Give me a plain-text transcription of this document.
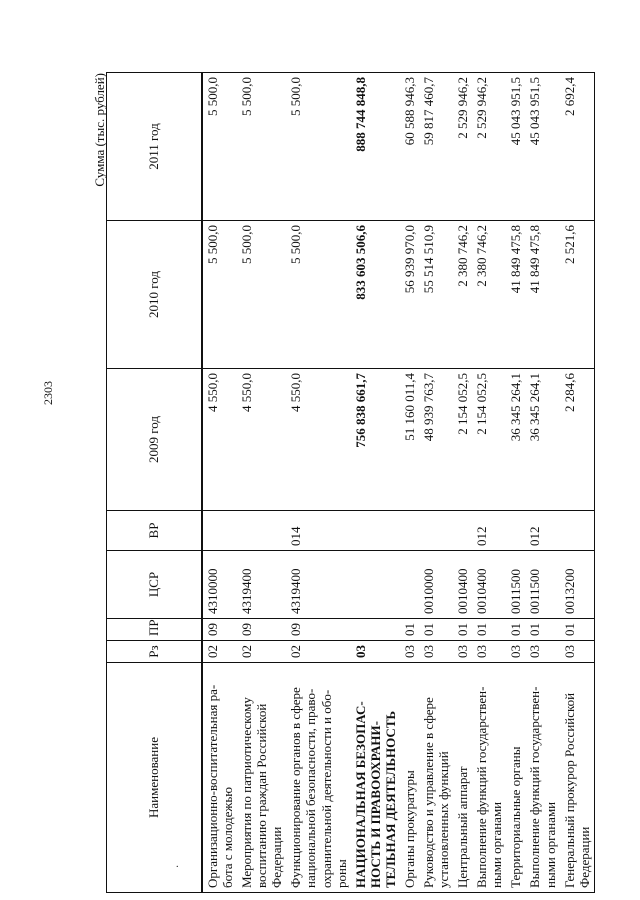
2303
.
Сумма (тыс. рублей)
Наименование	Рз	ПР	ЦСР	ВР	2009 год	2010 год	2011 год
Организационно-воспитательная ра-бота с молодежью	02	09	4310000		4 550,0	5 500,0	5 500,0
Мероприятия по патриотическому воспитанию граждан Российской Федерации	02	09	4319400		4 550,0	5 500,0	5 500,0
Функционирование органов в сфере национальной безопасности, право-охранительной деятельности и обо-роны	02	09	4319400	014	4 550,0	5 500,0	5 500,0
НАЦИОНАЛЬНАЯ БЕЗОПАС-НОСТЬ И ПРАВООХРАНИ-ТЕЛЬНАЯ ДЕЯТЕЛЬНОСТЬ	03				756 838 661,7	833 603 506,6	888 744 848,8
Органы прокуратуры	03	01			51 160 011,4	56 939 970,0	60 588 946,3
Руководство и управление в сфере установленных функций	03	01	0010000		48 939 763,7	55 514 510,9	59 817 460,7
Центральный аппарат	03	01	0010400		2 154 052,5	2 380 746,2	2 529 946,2
Выполнение функций государствен-ными органами	03	01	0010400	012	2 154 052,5	2 380 746,2	2 529 946,2
Территориальные органы	03	01	0011500		36 345 264,1	41 849 475,8	45 043 951,5
Выполнение функций государствен-ными органами	03	01	0011500	012	36 345 264,1	41 849 475,8	45 043 951,5
Генеральный прокурор Российской Федерации	03	01	0013200		2 284,6	2 521,6	2 692,4
